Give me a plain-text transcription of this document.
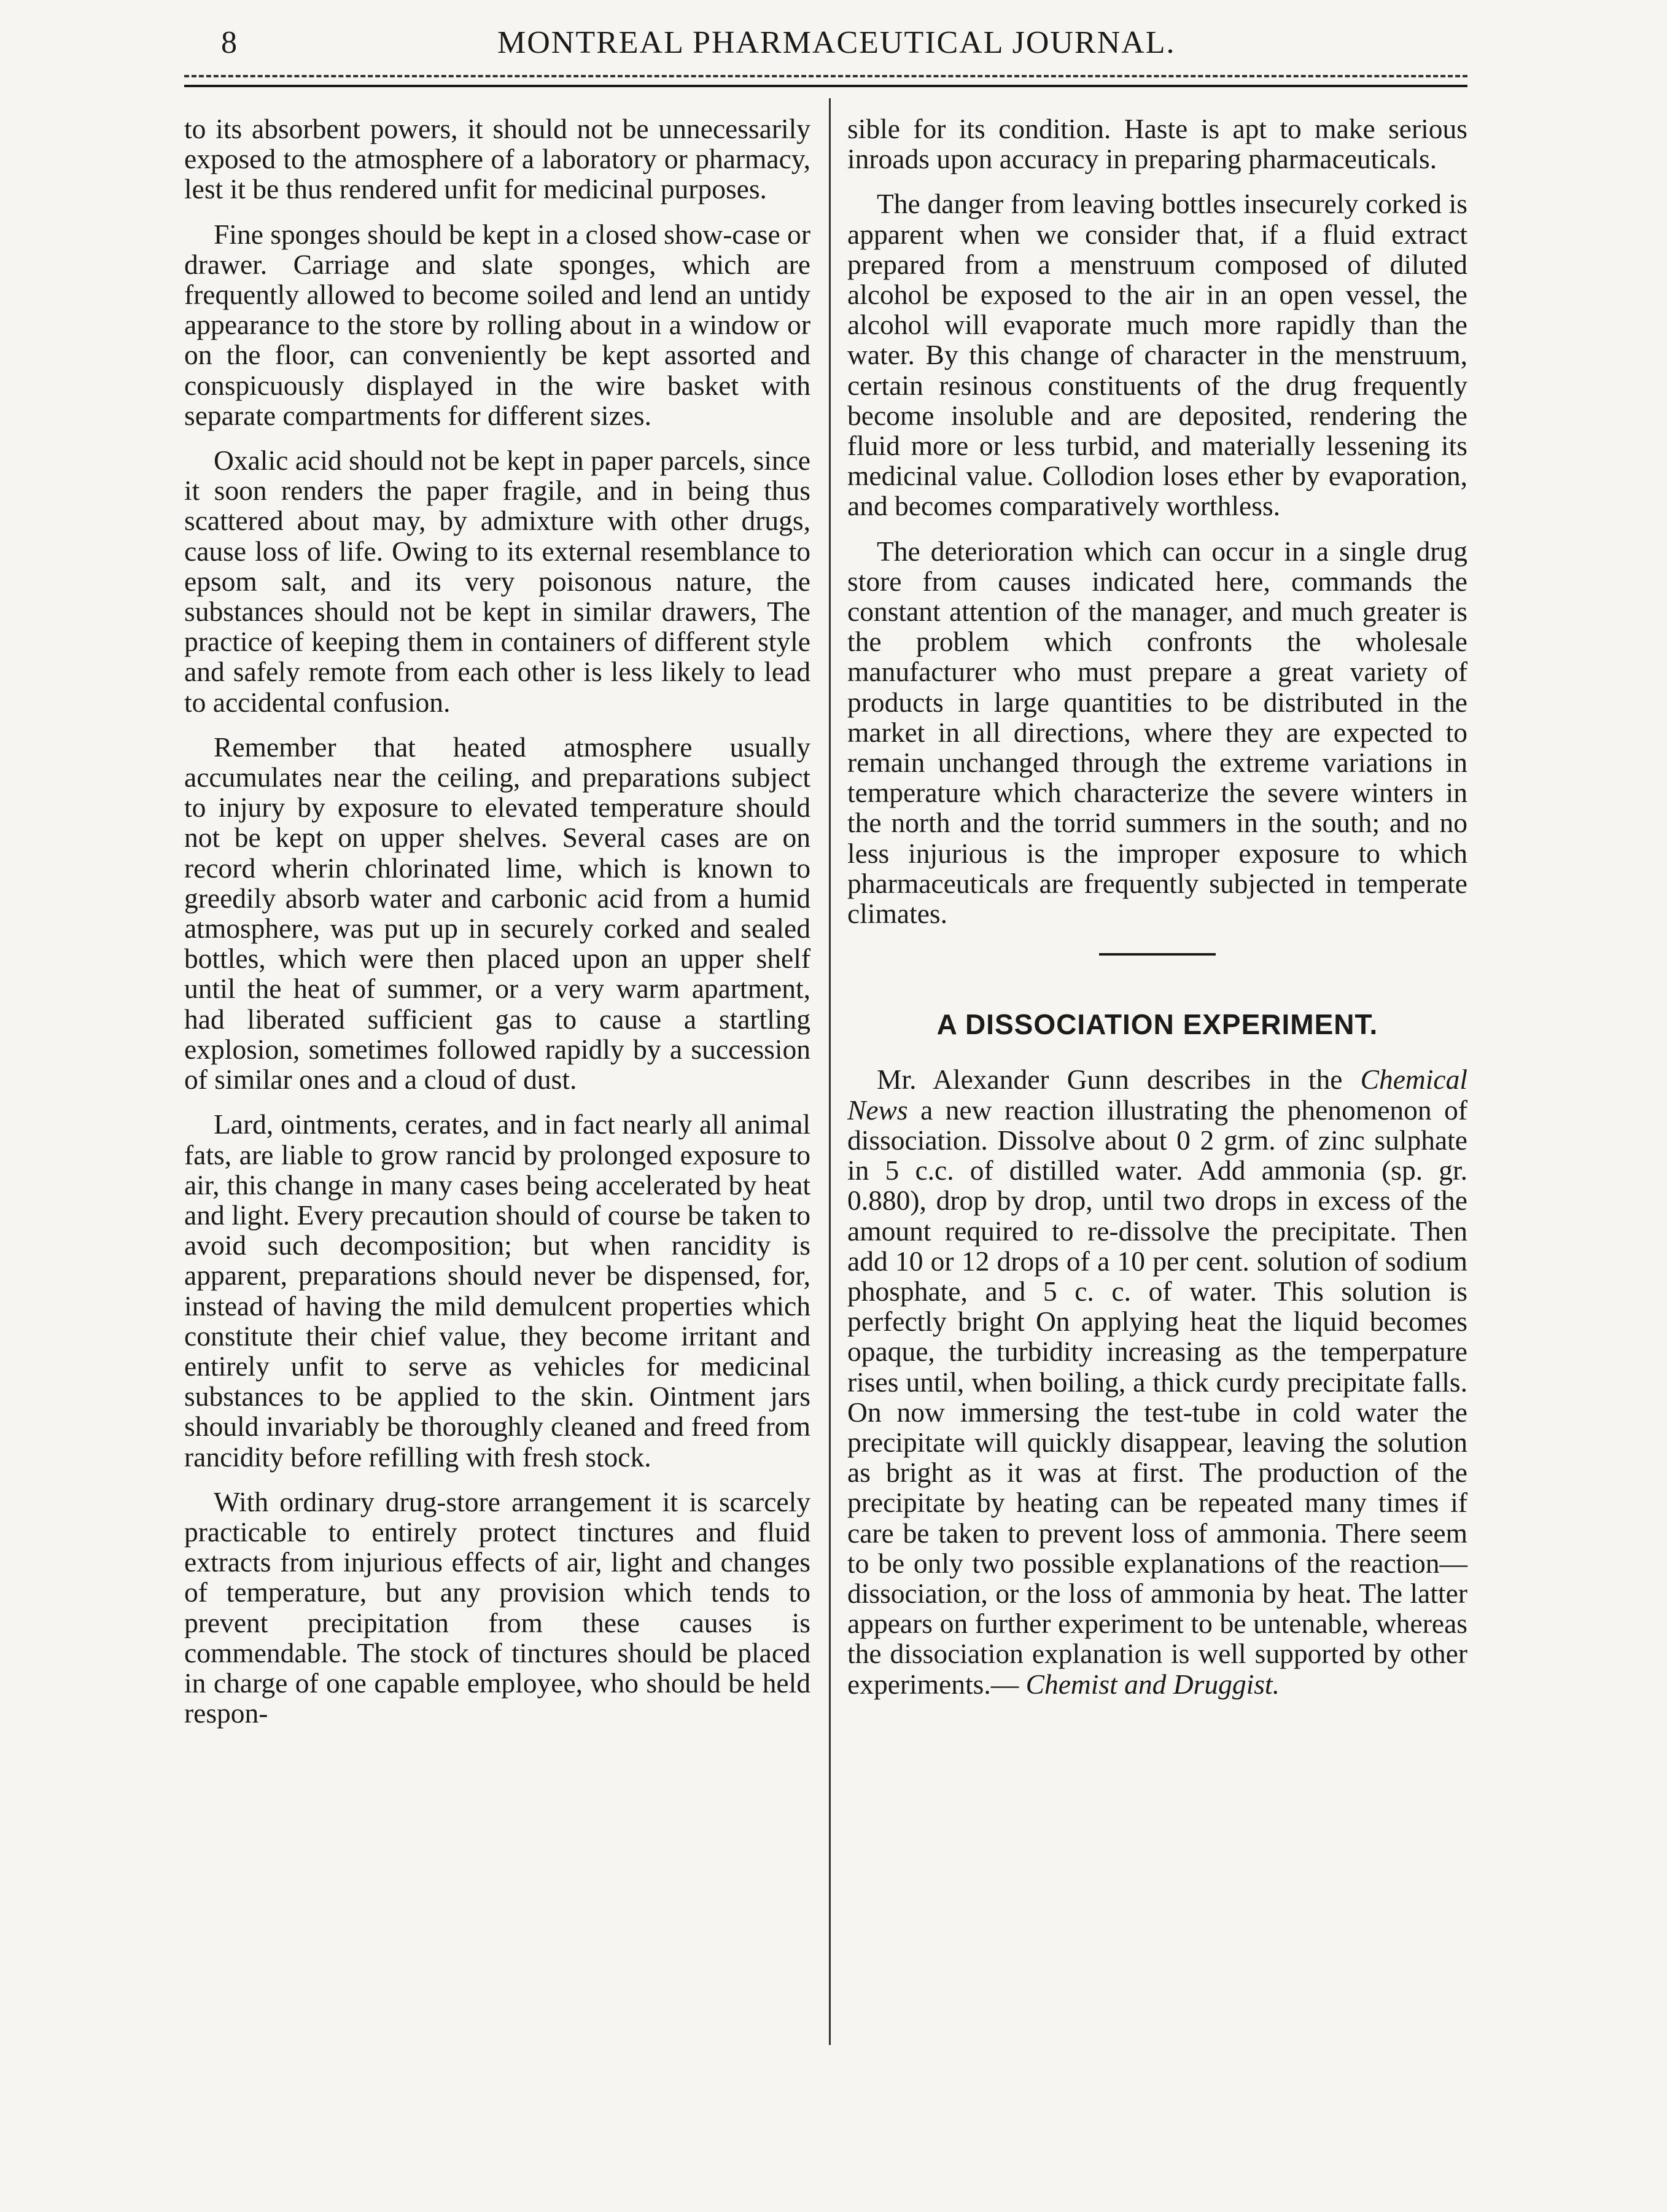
8	MONTREAL PHARMACEUTICAL JOURNAL.

to its absorbent powers, it should not be unnecessarily exposed to the atmosphere of a laboratory or pharmacy, lest it be thus rendered unfit for medicinal purposes.

Fine sponges should be kept in a closed show-case or drawer. Carriage and slate sponges, which are frequently allowed to become soiled and lend an untidy appearance to the store by rolling about in a window or on the floor, can conveniently be kept assorted and conspicuously displayed in the wire basket with separate compartments for different sizes.

Oxalic acid should not be kept in paper parcels, since it soon renders the paper fragile, and in being thus scattered about may, by admixture with other drugs, cause loss of life. Owing to its external resemblance to epsom salt, and its very poisonous nature, the substances should not be kept in similar drawers, The practice of keeping them in containers of different style and safely remote from each other is less likely to lead to accidental confusion.

Remember that heated atmosphere usually accumulates near the ceiling, and preparations subject to injury by exposure to elevated temperature should not be kept on upper shelves. Several cases are on record wherin chlorinated lime, which is known to greedily absorb water and carbonic acid from a humid atmosphere, was put up in securely corked and sealed bottles, which were then placed upon an upper shelf until the heat of summer, or a very warm apartment, had liberated sufficient gas to cause a startling explosion, sometimes followed rapidly by a succession of similar ones and a cloud of dust.

Lard, ointments, cerates, and in fact nearly all animal fats, are liable to grow rancid by prolonged exposure to air, this change in many cases being accelerated by heat and light. Every precaution should of course be taken to avoid such decomposition; but when rancidity is apparent, preparations should never be dispensed, for, instead of having the mild demulcent properties which constitute their chief value, they become irritant and entirely unfit to serve as vehicles for medicinal substances to be applied to the skin. Ointment jars should invariably be thoroughly cleaned and freed from rancidity before refilling with fresh stock.

With ordinary drug-store arrangement it is scarcely practicable to entirely protect tinctures and fluid extracts from injurious effects of air, light and changes of temperature, but any provision which tends to prevent precipitation from these causes is commendable. The stock of tinctures should be placed in charge of one capable employee, who should be held respon-

sible for its condition. Haste is apt to make serious inroads upon accuracy in preparing pharmaceuticals.

The danger from leaving bottles insecurely corked is apparent when we consider that, if a fluid extract prepared from a menstruum composed of diluted alcohol be exposed to the air in an open vessel, the alcohol will evaporate much more rapidly than the water. By this change of character in the menstruum, certain resinous constituents of the drug frequently become insoluble and are deposited, rendering the fluid more or less turbid, and materially lessening its medicinal value. Collodion loses ether by evaporation, and becomes comparatively worthless.

The deterioration which can occur in a single drug store from causes indicated here, commands the constant attention of the manager, and much greater is the problem which confronts the wholesale manufacturer who must prepare a great variety of products in large quantities to be distributed in the market in all directions, where they are expected to remain unchanged through the extreme variations in temperature which characterize the severe winters in the north and the torrid summers in the south; and no less injurious is the improper exposure to which pharmaceuticals are frequently subjected in temperate climates.

A DISSOCIATION EXPERIMENT.

Mr. Alexander Gunn describes in the Chemical News a new reaction illustrating the phenomenon of dissociation. Dissolve about 0 2 grm. of zinc sulphate in 5 c.c. of distilled water. Add ammonia (sp. gr. 0.880), drop by drop, until two drops in excess of the amount required to re-dissolve the precipitate. Then add 10 or 12 drops of a 10 per cent. solution of sodium phosphate, and 5 c. c. of water. This solution is perfectly bright On applying heat the liquid becomes opaque, the turbidity increasing as the temperpature rises until, when boiling, a thick curdy precipitate falls. On now immersing the test-tube in cold water the precipitate will quickly disappear, leaving the solution as bright as it was at first. The production of the precipitate by heating can be repeated many times if care be taken to prevent loss of ammonia. There seem to be only two possible explanations of the reaction—dissociation, or the loss of ammonia by heat. The latter appears on further experiment to be untenable, whereas the dissociation explanation is well supported by other experiments.— Chemist and Druggist.
